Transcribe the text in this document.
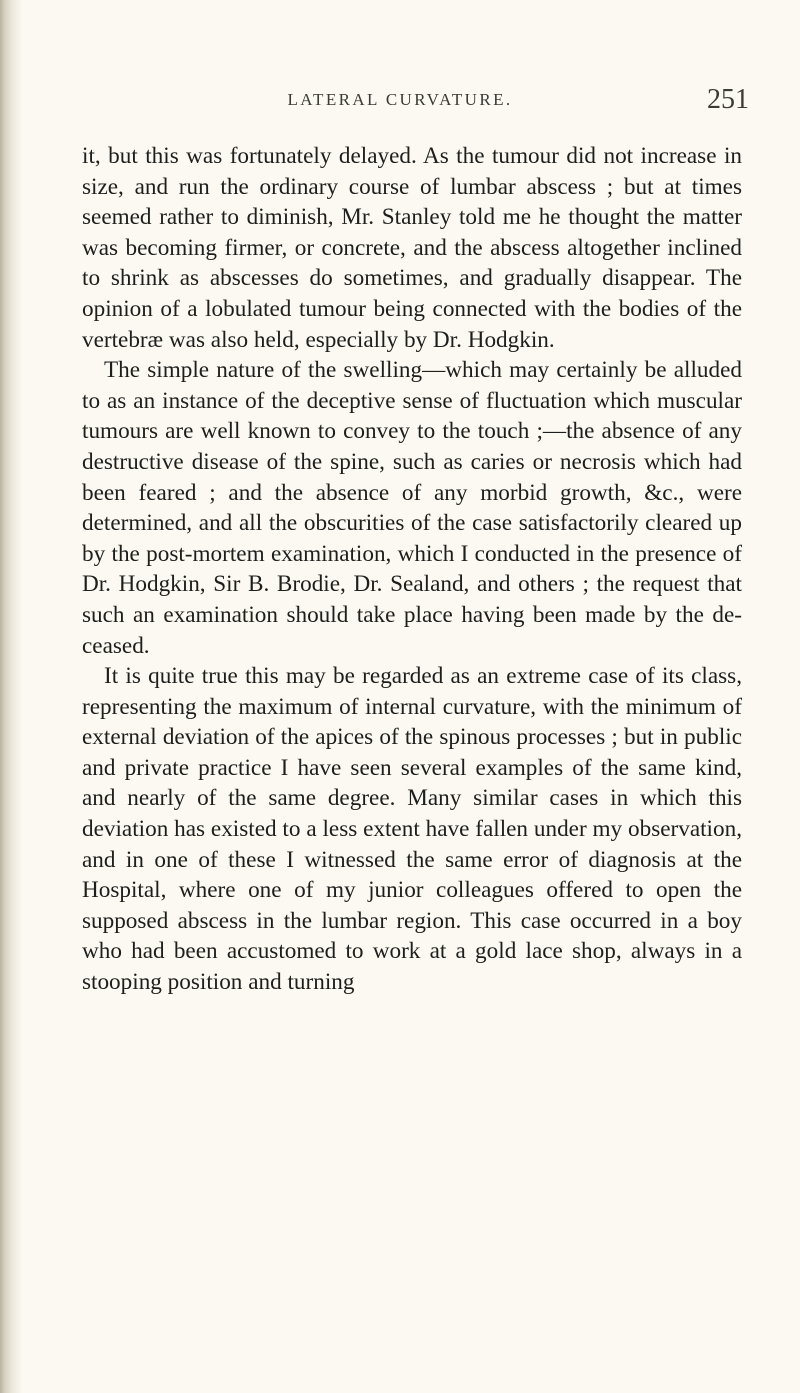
LATERAL CURVATURE.	251

it, but this was fortunately delayed. As the tumour did not increase in size, and run the ordinary course of lumbar abscess ; but at times seemed rather to diminish, Mr. Stanley told me he thought the matter was becoming firmer, or concrete, and the abscess altogether inclined to shrink as abscesses do sometimes, and gradually disappear. The opinion of a lobulated tumour being connected with the bodies of the vertebræ was also held, especially by Dr. Hodgkin.

The simple nature of the swelling—which may certainly be alluded to as an instance of the deceptive sense of fluctuation which muscular tumours are well known to convey to the touch ;—the absence of any destructive disease of the spine, such as caries or necrosis which had been feared ; and the absence of any morbid growth, &c., were determined, and all the obscurities of the case satisfactorily cleared up by the post-mortem examination, which I conducted in the presence of Dr. Hodgkin, Sir B. Brodie, Dr. Sealand, and others ; the request that such an examination should take place having been made by the deceased.

It is quite true this may be regarded as an extreme case of its class, representing the maximum of internal curvature, with the minimum of external deviation of the apices of the spinous processes ; but in public and private practice I have seen several examples of the same kind, and nearly of the same degree. Many similar cases in which this deviation has existed to a less extent have fallen under my observation, and in one of these I witnessed the same error of diagnosis at the Hospital, where one of my junior colleagues offered to open the supposed abscess in the lumbar region. This case occurred in a boy who had been accustomed to work at a gold lace shop, always in a stooping position and turning
